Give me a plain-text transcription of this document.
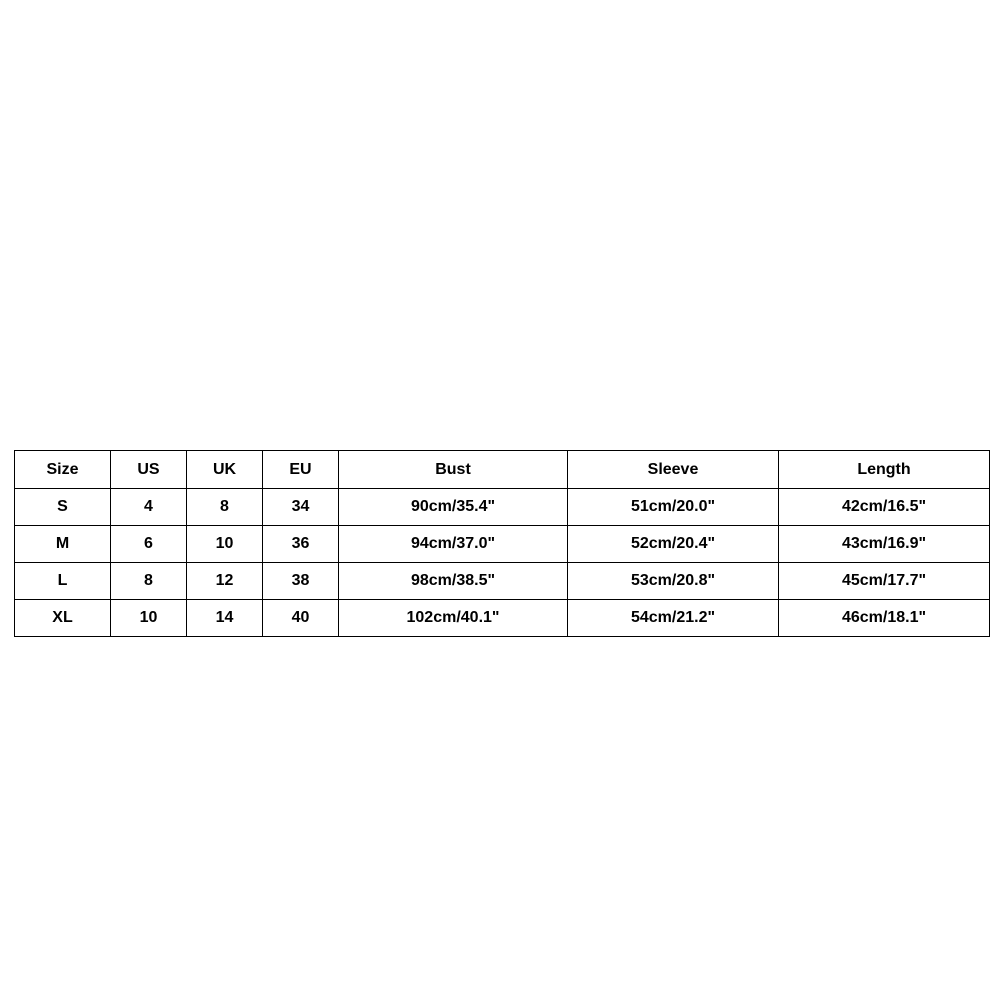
Size	US	UK	EU	Bust	Sleeve	Length
S	4	8	34	90cm/35.4"	51cm/20.0"	42cm/16.5"
M	6	10	36	94cm/37.0"	52cm/20.4"	43cm/16.9"
L	8	12	38	98cm/38.5"	53cm/20.8"	45cm/17.7"
XL	10	14	40	102cm/40.1"	54cm/21.2"	46cm/18.1"
